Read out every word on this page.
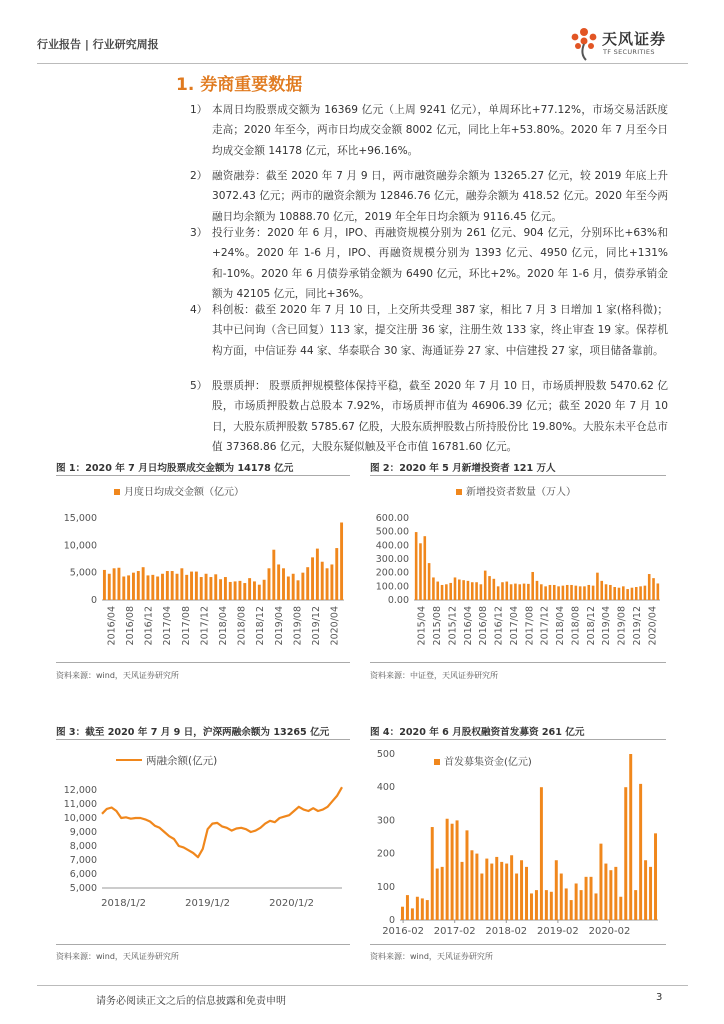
行业报告 | 行业研究周报	天风证券
TF SECURITIES
1. 券商重要数据
1） 本周日均股票成交额为 16369 亿元（上周 9241 亿元），单周环比+77.12%，市场交易活跃度走高；2020 年至今，两市日均成交金额 8002 亿元，同比上年+53.80%。2020 年 7 月至今日均成交金额 14178 亿元，环比+96.16%。
2） 融资融券：截至 2020 年 7 月 9 日，两市融资融券余额为 13265.27 亿元，较 2019 年底上升 3072.43 亿元；两市的融资余额为 12846.76 亿元，融券余额为 418.52 亿元。2020 年至今两融日均余额为 10888.70 亿元，2019 年全年日均余额为 9116.45 亿元。
3） 投行业务：2020 年 6 月，IPO、再融资规模分别为 261 亿元、904 亿元，分别环比+63%和+24%。2020 年 1-6 月，IPO、再融资规模分别为 1393 亿元、4950 亿元，同比+131%和-10%。2020 年 6 月债券承销金额为 6490 亿元，环比+2%。2020 年 1-6 月，债券承销金额为 42105 亿元，同比+36%。
4） 科创板：截至 2020 年 7 月 10 日，上交所共受理 387 家，相比 7 月 3 日增加 1 家(格科微)；其中已问询（含已回复）113 家，提交注册 36 家，注册生效 133 家，终止审查 19 家。保荐机构方面，中信证券 44 家、华泰联合 30 家、海通证券 27 家、中信建投 27 家，项目储备靠前。
5） 股票质押： 股票质押规模整体保持平稳，截至 2020 年 7 月 10 日，市场质押股数 5470.62 亿股，市场质押股数占总股本 7.92%，市场质押市值为 46906.39 亿元；截至 2020 年 7 月 10 日，大股东质押股数 5785.67 亿股，大股东质押股数占所持股份比 19.80%。大股东未平仓总市值 37368.86 亿元，大股东疑似触及平仓市值 16781.60 亿元。
图 1：2020 年 7 月日均股票成交金额为 14178 亿元
月度日均成交金额（亿元）
0
5,000
10,000
15,000
2016/04 2016/08 2016/12 2017/04 2017/08 2017/12 2018/04 2018/08 2018/12 2019/04 2019/08 2019/12 2020/04
资料来源：wind，天风证券研究所
图 2：2020 年 5 月新增投资者 121 万人
新增投资者数量（万人）
0.00
100.00
200.00
300.00
400.00
500.00
600.00
2015/04 2015/08 2015/12 2016/04 2016/08 2016/12 2017/04 2017/08 2017/12 2018/04 2018/08 2018/12 2019/04 2019/08 2019/12 2020/04
资料来源：中证登，天风证券研究所
图 3：截至 2020 年 7 月 9 日，沪深两融余额为 13265 亿元
两融余额(亿元)
5,000
6,000
7,000
8,000
9,000
10,000
11,000
12,000
2018/1/2	2019/1/2	2020/1/2
资料来源：wind，天风证券研究所
图 4：2020 年 6 月股权融资首发募资 261 亿元
首发募集资金(亿元)
0
100
200
300
400
500
2016-02 2017-02 2018-02 2019-02 2020-02
资料来源：wind，天风证券研究所
请务必阅读正文之后的信息披露和免责申明	3
